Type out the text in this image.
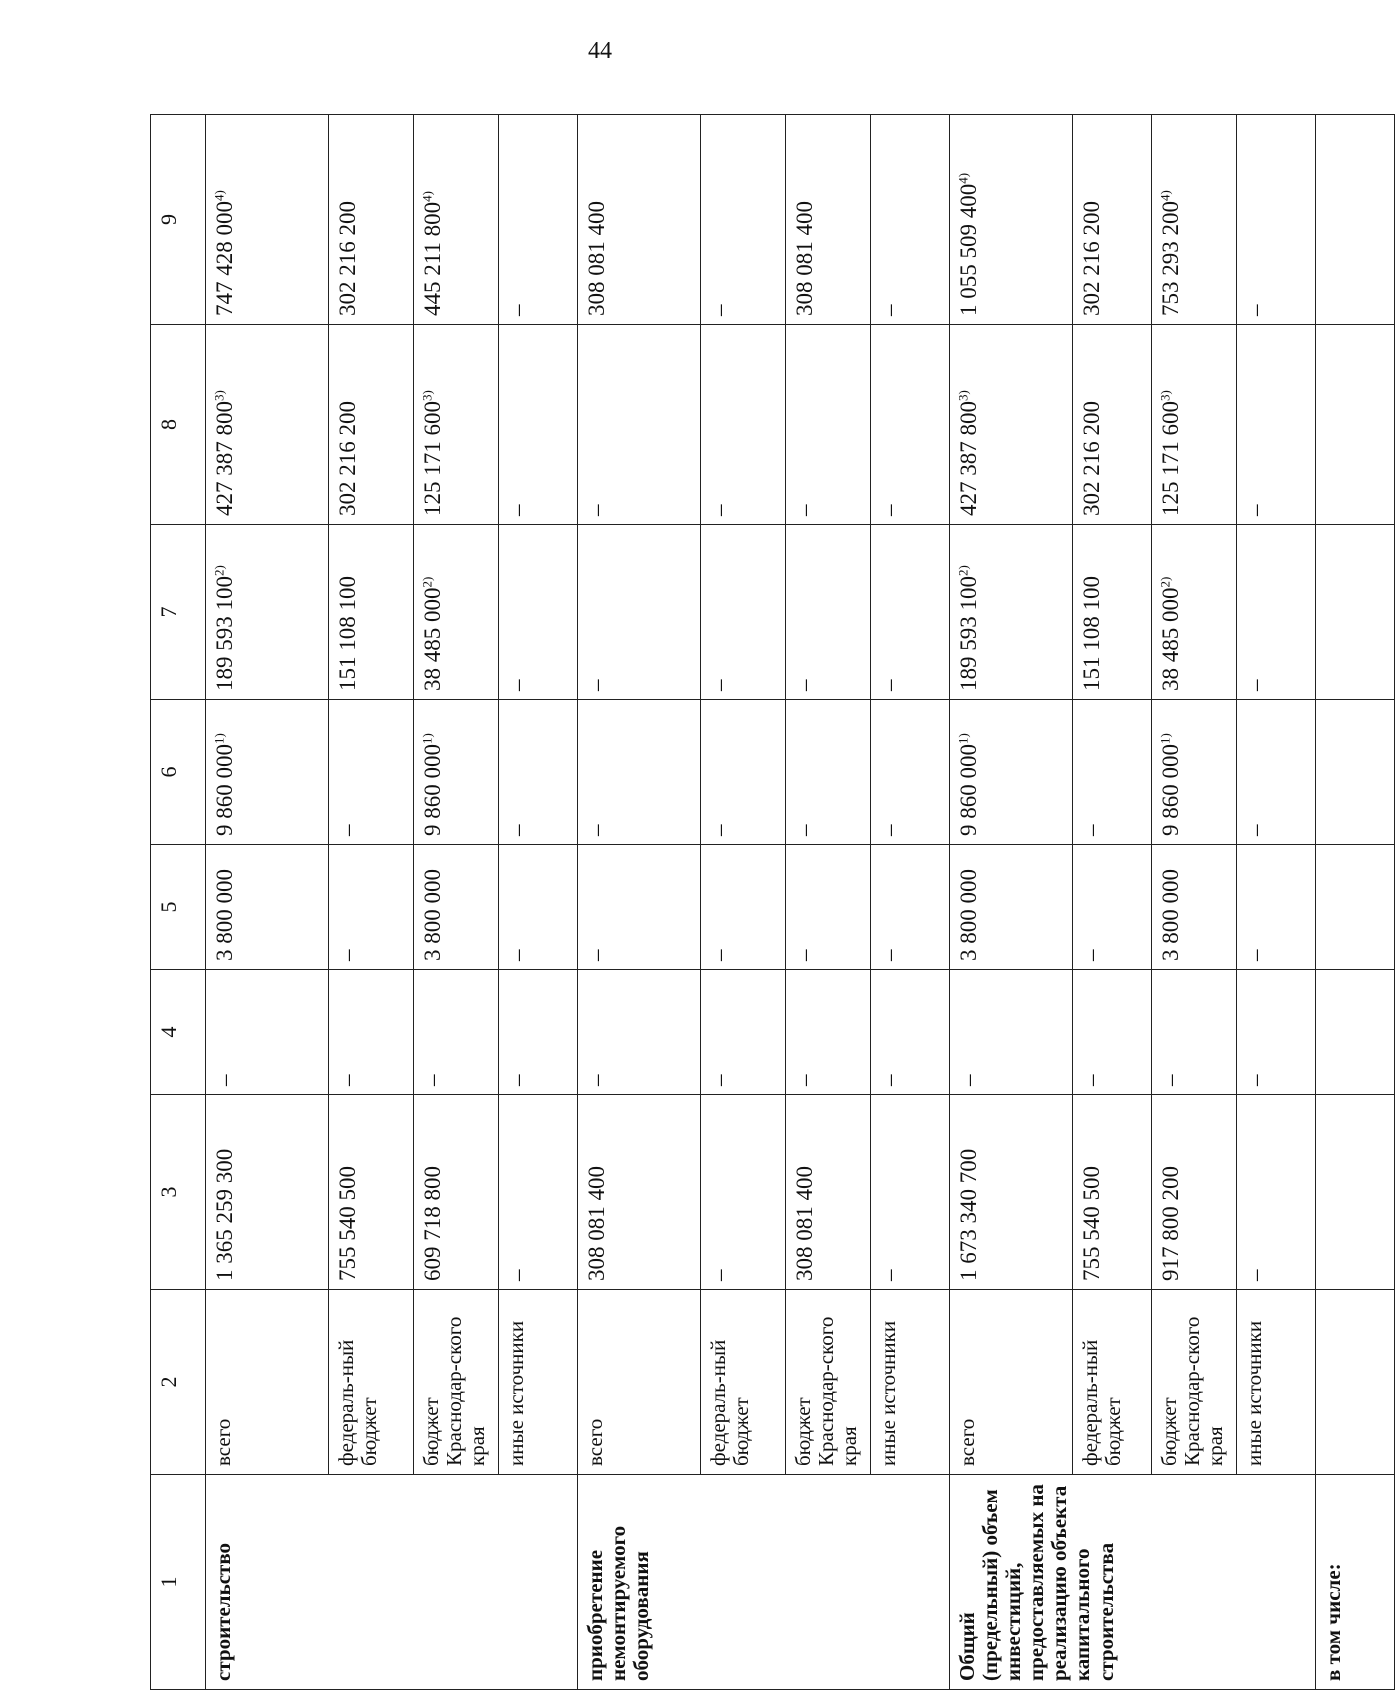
44
1	2	3	4	5	6	7	8	9
строительство	всего	1 365 259 300	–	3 800 000	9 860 000$^{1)}$	189 593 100$^{2)}$	427 387 800$^{3)}$	747 428 000$^{4)}$
	федераль-ный бюджет	755 540 500	–	–	–	151 108 100	302 216 200	302 216 200
	бюджет Краснодар-ского края	609 718 800	–	3 800 000	9 860 000$^{1)}$	38 485 000$^{2)}$	125 171 600$^{3)}$	445 211 800$^{4)}$
	иные источники	–	–	–	–	–	–	–
приобретение немонтируемого оборудования	всего	308 081 400	–	–	–	–	–	308 081 400
	федераль-ный бюджет	–	–	–	–	–	–	–
	бюджет Краснодар-ского края	308 081 400	–	–	–	–	–	308 081 400
	иные источники	–	–	–	–	–	–	–
Общий (предельный) объем инвестиций, предоставляемых на реализацию объекта капитального строительства	всего	1 673 340 700	–	3 800 000	9 860 000$^{1)}$	189 593 100$^{2)}$	427 387 800$^{3)}$	1 055 509 400$^{4)}$
	федераль-ный бюджет	755 540 500	–	–	–	151 108 100	302 216 200	302 216 200
	бюджет Краснодар-ского края	917 800 200	–	3 800 000	9 860 000$^{1)}$	38 485 000$^{2)}$	125 171 600$^{3)}$	753 293 200$^{4)}$
	иные источники	–	–	–	–	–	–	–
в том числе:								
